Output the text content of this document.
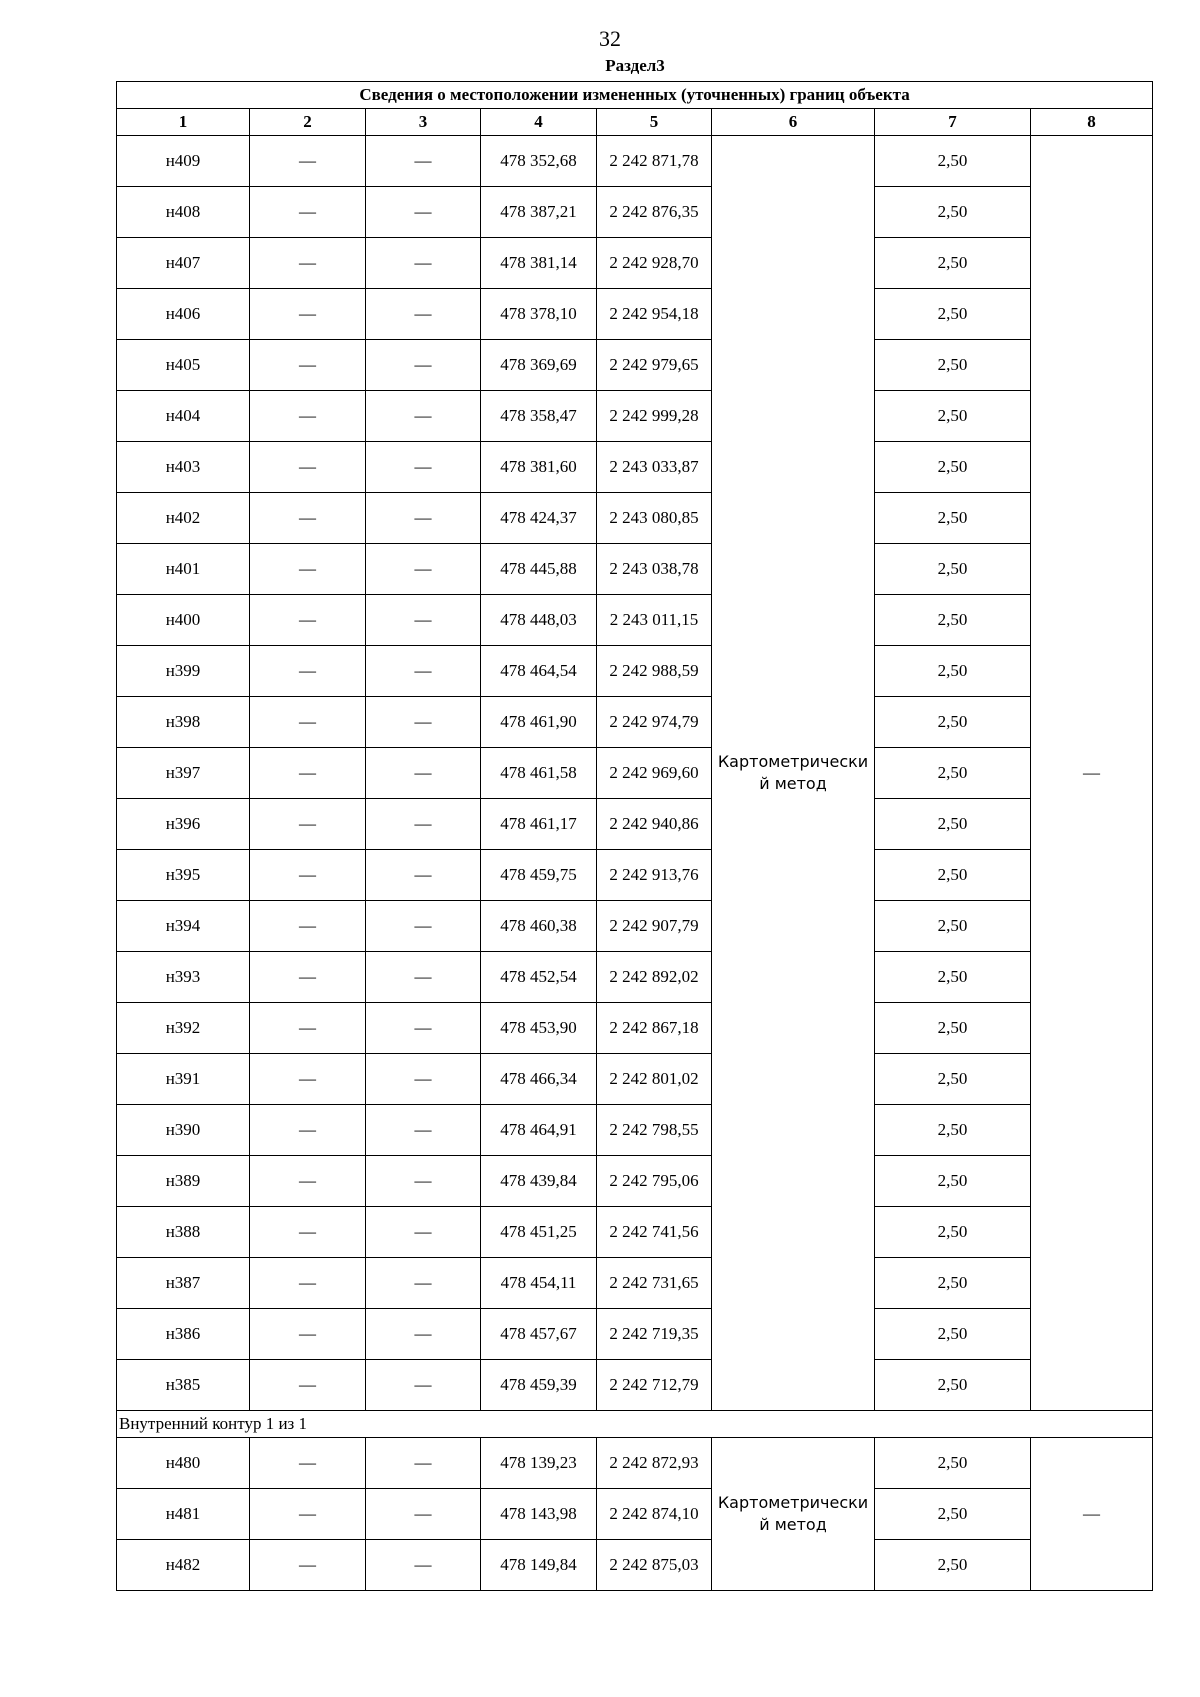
32
Раздел3
Сведения о местоположении измененных (уточненных) границ объекта							
1	2	3	4	5	6	7	8
н409	—	—	478 352,68	2 242 871,78	Картометрически й метод	2,50	—
н408	—	—	478 387,21	2 242 876,35		2,50	
н407	—	—	478 381,14	2 242 928,70		2,50	
н406	—	—	478 378,10	2 242 954,18		2,50	
н405	—	—	478 369,69	2 242 979,65		2,50	
н404	—	—	478 358,47	2 242 999,28		2,50	
н403	—	—	478 381,60	2 243 033,87		2,50	
н402	—	—	478 424,37	2 243 080,85		2,50	
н401	—	—	478 445,88	2 243 038,78		2,50	
н400	—	—	478 448,03	2 243 011,15		2,50	
н399	—	—	478 464,54	2 242 988,59		2,50	
н398	—	—	478 461,90	2 242 974,79		2,50	
н397	—	—	478 461,58	2 242 969,60		2,50	
н396	—	—	478 461,17	2 242 940,86		2,50	
н395	—	—	478 459,75	2 242 913,76		2,50	
н394	—	—	478 460,38	2 242 907,79		2,50	
н393	—	—	478 452,54	2 242 892,02		2,50	
н392	—	—	478 453,90	2 242 867,18		2,50	
н391	—	—	478 466,34	2 242 801,02		2,50	
н390	—	—	478 464,91	2 242 798,55		2,50	
н389	—	—	478 439,84	2 242 795,06		2,50	
н388	—	—	478 451,25	2 242 741,56		2,50	
н387	—	—	478 454,11	2 242 731,65		2,50	
н386	—	—	478 457,67	2 242 719,35		2,50	
н385	—	—	478 459,39	2 242 712,79		2,50	
Внутренний контур 1 из 1							
н480	—	—	478 139,23	2 242 872,93	Картометрически й метод	2,50	—
н481	—	—	478 143,98	2 242 874,10		2,50	
н482	—	—	478 149,84	2 242 875,03		2,50	
